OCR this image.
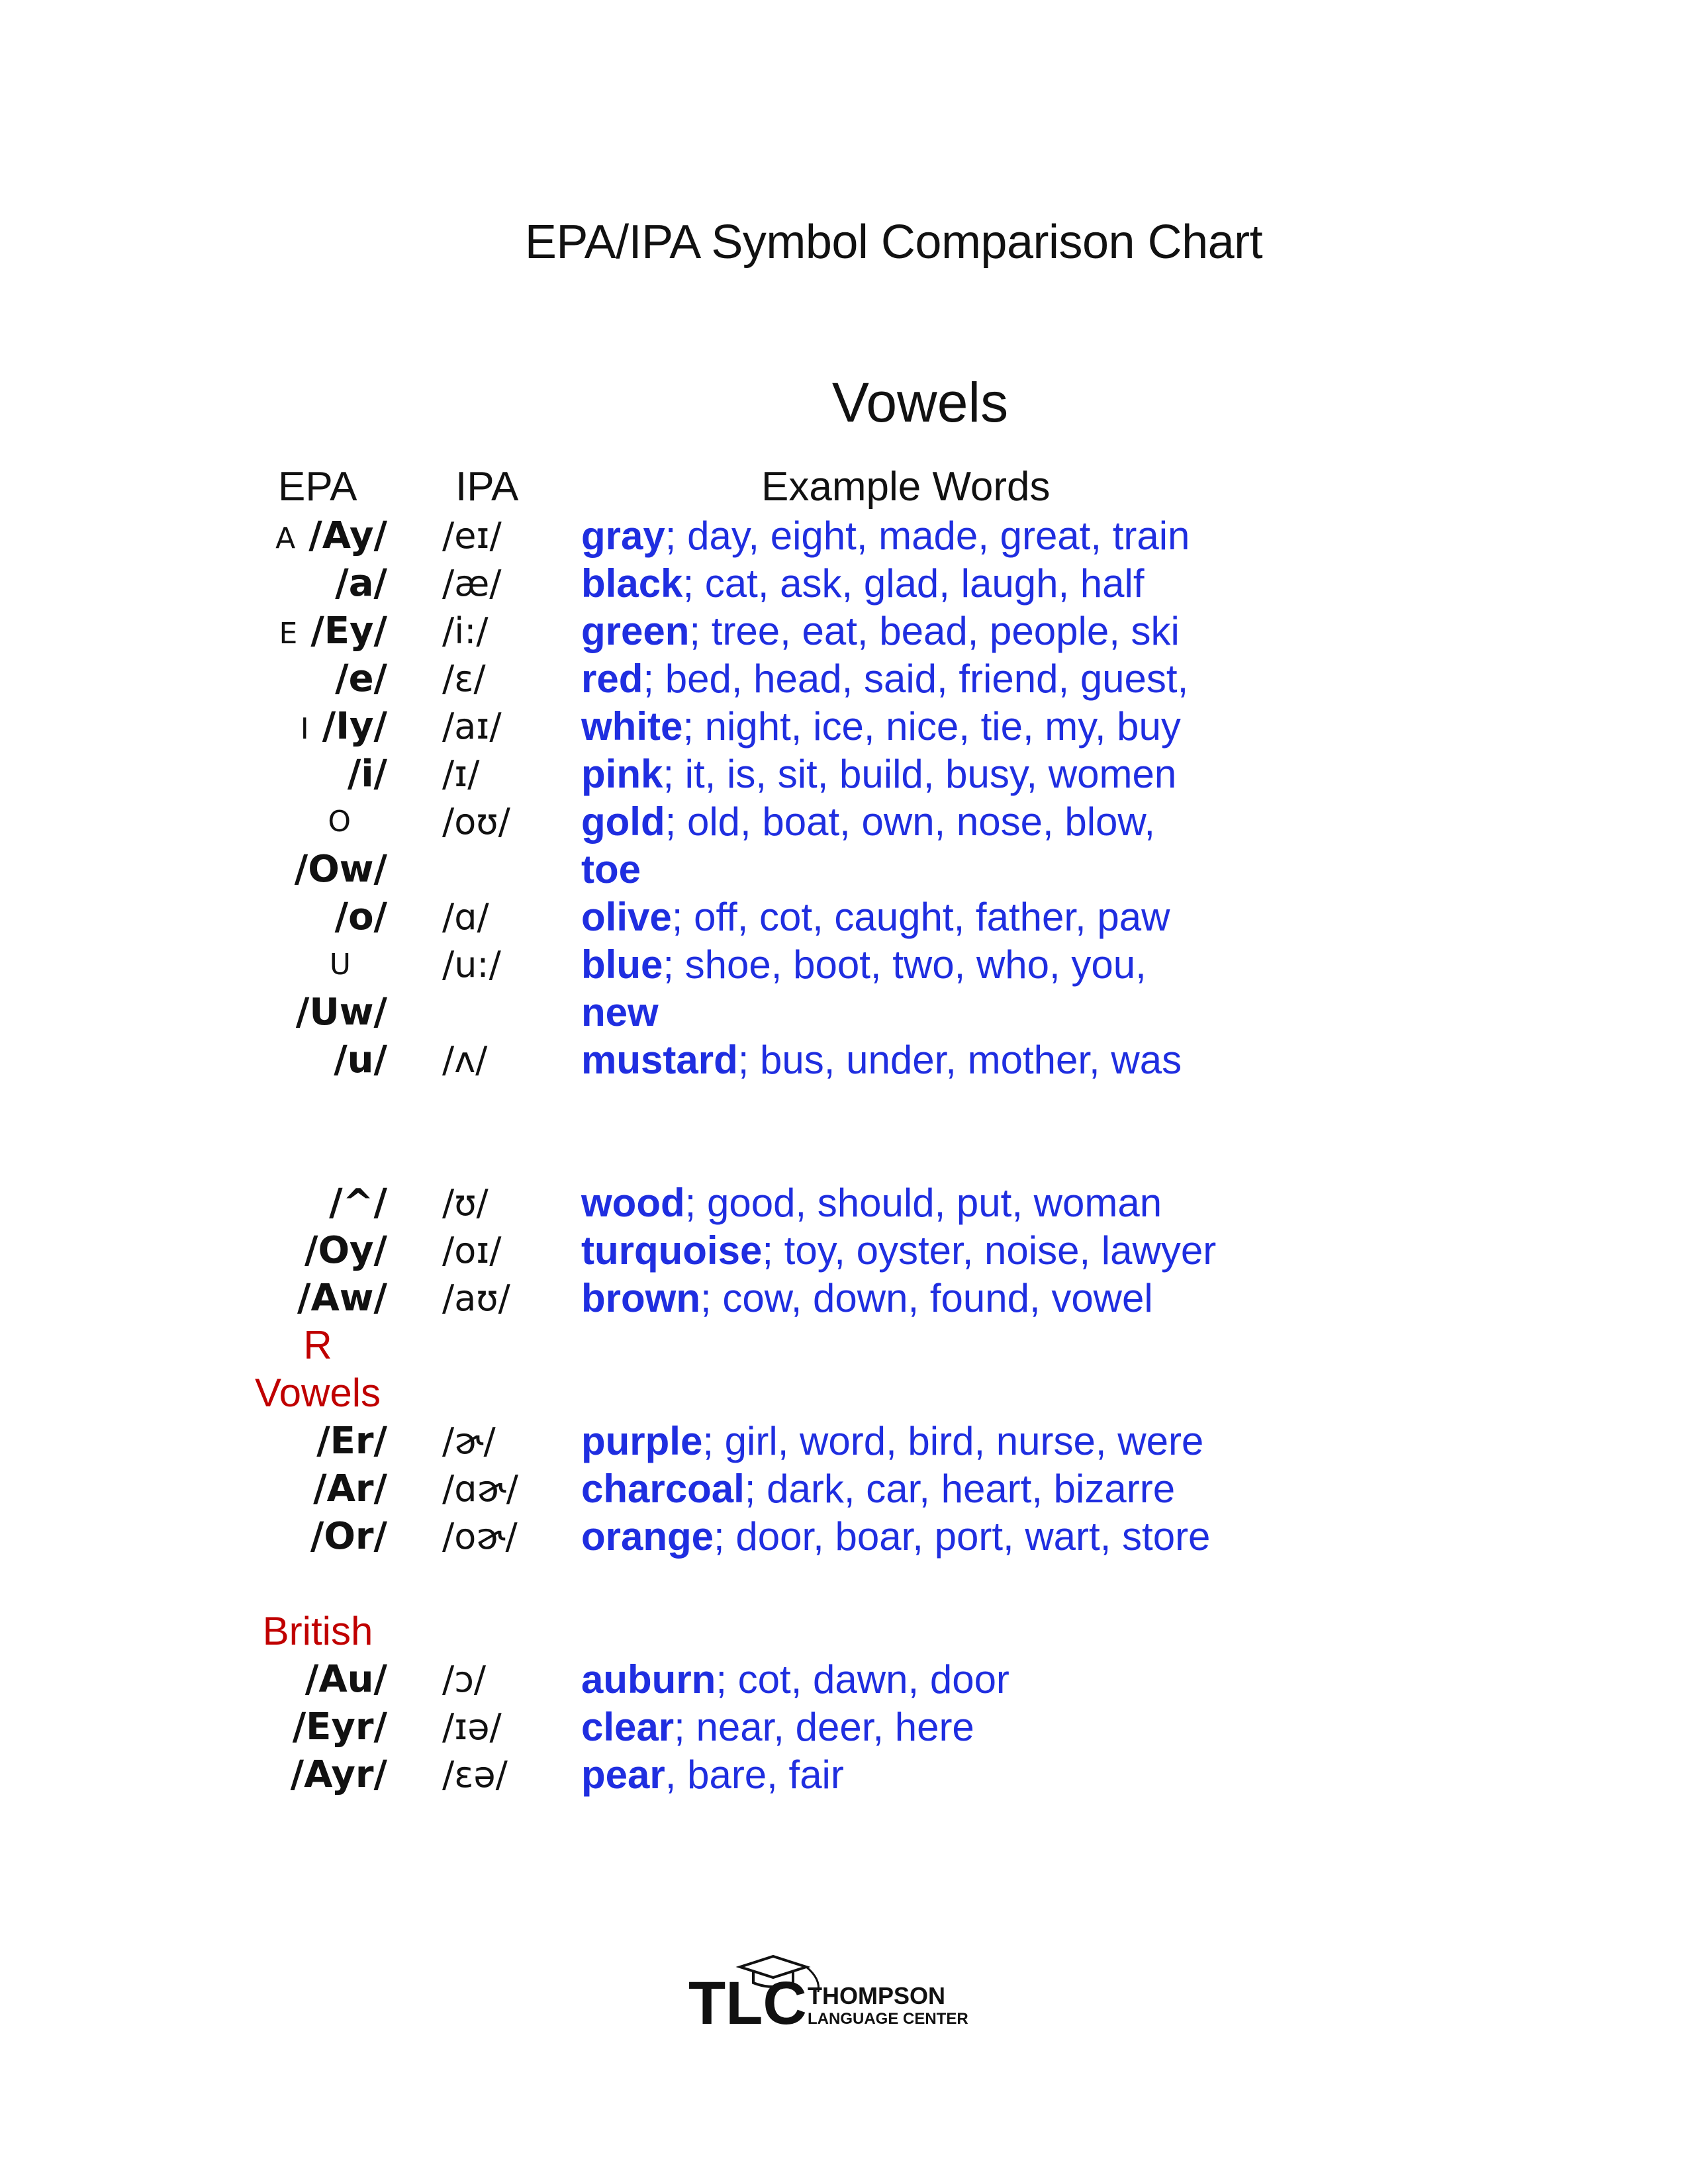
EPA/IPA Symbol Comparison Chart
Vowels
EPA IPA	Example Words
A /Ay/ /eɪ/ gray; day, eight, made, great, train
/a/ /æ/ black; cat, ask, glad, laugh, half
E /Ey/ /i:/ green; tree, eat, bead, people, ski
/e/ /ɛ/ red; bed, head, said, friend, guest,
I /Iy/ /aɪ/ white; night, ice, nice, tie, my, buy
/i/ /ɪ/	pink; it, is, sit, build, busy, women
O
/Ow/
/oʊ/ gold; old, boat, own, nose, blow,
toe
/o/ /ɑ/ olive; off, cot, caught, father, paw
U
/Uw/
/u:/ blue; shoe, boot, two, who, you,
new
/u/ /ʌ/ mustard; bus, under, mother, was
/^/ /ʊ/ wood; good, should, put, woman
/Oy/ /oɪ/ turquoise; toy, oyster, noise, lawyer
/Aw/ /aʊ/ brown; cow, down, found, vowel
R
Vowels
/Er/ /ɚ/ purple; girl, word, bird, nurse, were
/Ar/ /ɑɚ/ charcoal; dark, car, heart, bizarre
/Or/ /oɚ/ orange; door, boar, port, wart, store
British
/Au/ /ɔ/ auburn; cot, dawn, door
/Eyr/ /ɪə/ clear; near, deer, here
/Ayr/ /ɛə/ pear, bare, fair
TLC THOMPSON
LANGUAGE CENTER
